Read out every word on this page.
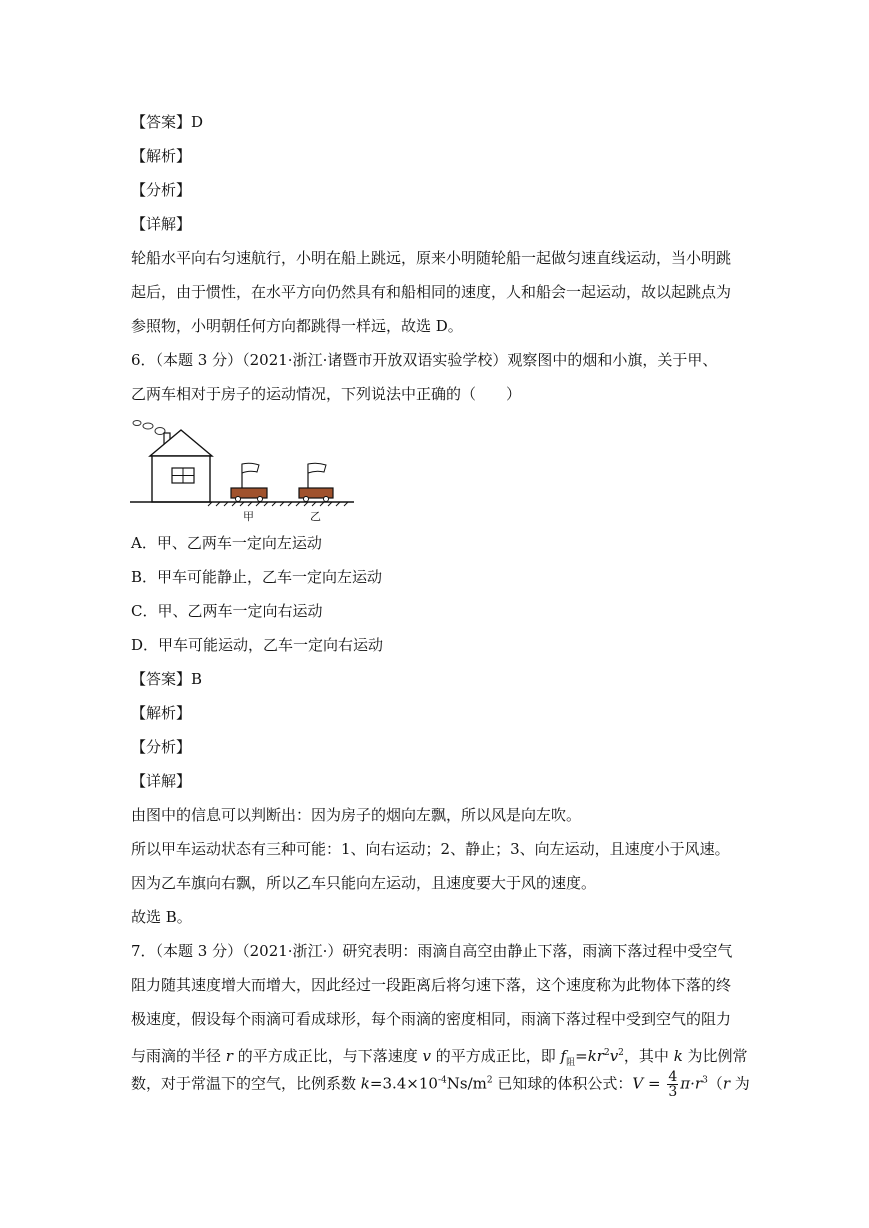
【答案】D
【解析】
【分析】
【详解】
轮船水平向右匀速航行，小明在船上跳远，原来小明随轮船一起做匀速直线运动，当小明跳
起后，由于惯性，在水平方向仍然具有和船相同的速度，人和船会一起运动，故以起跳点为
参照物，小明朝任何方向都跳得一样远，故选 D。
6．（本题 3 分）（2021·浙江·诸暨市开放双语实验学校）观察图中的烟和小旗，关于甲、
乙两车相对于房子的运动情况，下列说法中正确的（　　）
甲	乙
A．甲、乙两车一定向左运动
B．甲车可能静止，乙车一定向左运动
C．甲、乙两车一定向右运动
D．甲车可能运动，乙车一定向右运动
【答案】B
【解析】
【分析】
【详解】
由图中的信息可以判断出：因为房子的烟向左飘，所以风是向左吹。
所以甲车运动状态有三种可能：1、向右运动；2、静止；3、向左运动，且速度小于风速。
因为乙车旗向右飘，所以乙车只能向左运动，且速度要大于风的速度。
故选 B。
7．（本题 3 分）（2021·浙江·）研究表明：雨滴自高空由静止下落，雨滴下落过程中受空气
阻力随其速度增大而增大，因此经过一段距离后将匀速下落，这个速度称为此物体下落的终
极速度，假设每个雨滴可看成球形，每个雨滴的密度相同，雨滴下落过程中受到空气的阻力
与雨滴的半径 r 的平方成正比，与下落速度 v 的平方成正比，即 $f_阻=kr^2v^2$，其中 k 为比例常
数，对于常温下的空气，比例系数 $k=3.4\times 10^{-4}Ns/m^2$ 已知球的体积公式：$V = \frac{4}{3} \pi\cdot r^3(r$ 为
